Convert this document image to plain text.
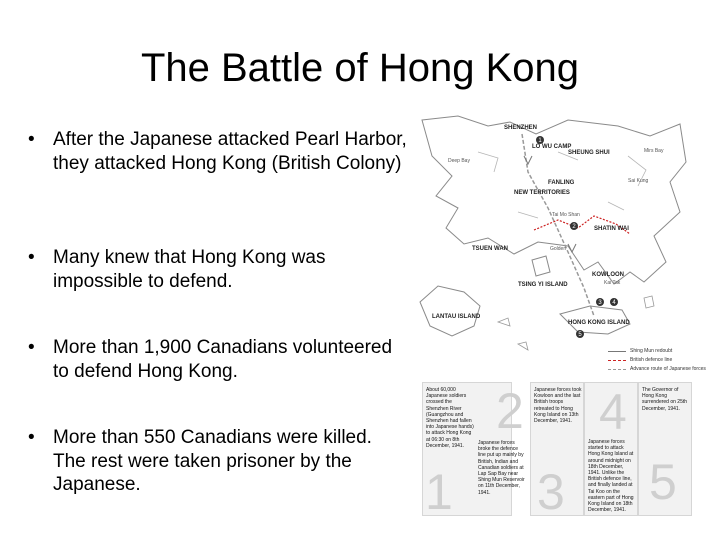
The Battle of Hong Kong
• After the Japanese attacked Pearl Harbor, they attacked Hong Kong (British Colony)
• Many knew that Hong Kong was impossible to defend.
• More than 1,900 Canadians volunteered to defend Hong Kong.
• More than 550 Canadians were killed. The rest were taken prisoner by the Japanese.
SHENZHEN
LO WU CAMP
SHEUNG SHUI
FANLING
NEW TERRITORIES
Tai Mo Shan
Sai Kung
TSUEN WAN
SHATIN WAI
Golden
TSING YI ISLAND
KOWLOON
Kai Tak
LANTAU ISLAND
HONG KONG ISLAND
Deep Bay
Mirs Bay
1
2
3 4
5
Shing Mun redoubt
British defence line
Advance route of Japanese forces
About 60,000 Japanese soldiers crossed the Shenzhen River (Guangzhou and Shenzhen had fallen into Japanese hands) to attack Hong Kong at 06:30 on 8th December, 1941.
1
2
Japanese forces broke the defence line put up mainly by British, Indian and Canadian soldiers at Lap Sap Bay near Shing Mun Reservoir on 11th December, 1941.
Japanese forces took Kowloon and the last British troops retreated to Hong Kong Island on 13th December, 1941.
3
4
Japanese forces started to attack Hong Kong Island at around midnight on 18th December, 1941. Unlike the British defence line, and finally landed at Tai Koo on the eastern part of Hong Kong Island on 18th December, 1941.
The Governor of Hong Kong surrendered on 25th December, 1941.
5
